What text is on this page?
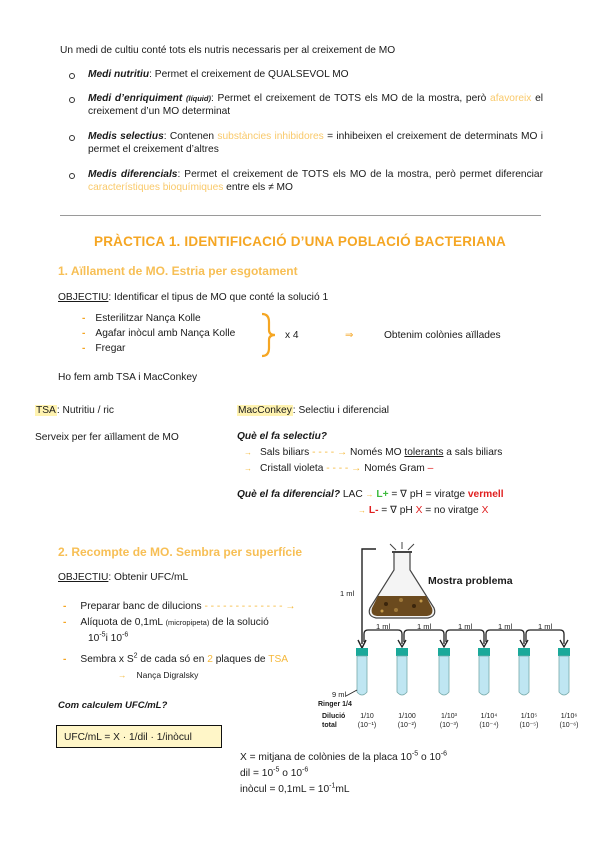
Un medi de cultiu conté tots els nutris necessaris per al creixement de MO
Medi nutritiu: Permet el creixement de QUALSEVOL MO
Medi d’enriquiment (líquid): Permet el creixement de TOTS els MO de la mostra, però afavoreix el creixement d’un MO determinat
Medis selectius: Contenen substàncies inhibidores = inhibeixen el creixement de determinats MO i permet el creixement d’altres
Medis diferencials: Permet el creixement de TOTS els MO de la mostra, però permet diferenciar característiques bioquímiques entre els ≠ MO
PRÀCTICA 1. IDENTIFICACIÓ D’UNA POBLACIÓ BACTERIANA
1. Aïllament de MO. Estria per esgotament
OBJECTIU: Identificar el tipus de MO que conté la solució 1
- Esterilitzar Nança Kolle
- Agafar inòcul amb Nança Kolle
- Fregar
x 4	⇒	Obtenim colònies aïllades
Ho fem amb TSA i MacConkey
TSA: Nutritiu / ric
Serveix per fer aïllament de MO
MacConkey: Selectiu i diferencial
Què el fa selectiu?
→ Sals biliars - - - - → Només MO tolerants a sals biliars
→ Cristall violeta - - - - → Només Gram –
Què el fa diferencial? LAC → L+ = ∇ pH = viratge vermell
→ L- = ∇ pH X = no viratge X
2. Recompte de MO. Sembra per superfície
OBJECTIU: Obtenir UFC/mL
- Preparar banc de dilucions - - - - - - - - - - - - - →
- Alíquota de 0,1mL (micropipeta) de la solució
$10^{-5}i$ $10^{-6}$
- Sembra x $S^2$ de cada só en 2 plaques de TSA
→ Nança Digralsky
Com calculem UFC/mL?
UFC/mL = X · 1/dil · 1/inòcul
X = mitjana de colònies de la placa $10^{-5}$ o $10^{-6}$
dil = $10^{-5}$ o $10^{-6}$
inòcul = $0,1mL = 10^{-1}mL$
Mostra problema
1 ml
1 ml	1 ml	1 ml	1 ml	1 ml
9 ml
Ringer 1/4
Dilució
total
1/10
(10⁻¹)
1/100
(10⁻²)
1/10³
(10⁻³)
1/10⁴
(10⁻⁴)
1/10⁵
(10⁻⁵)
1/10⁶
(10⁻⁶)
